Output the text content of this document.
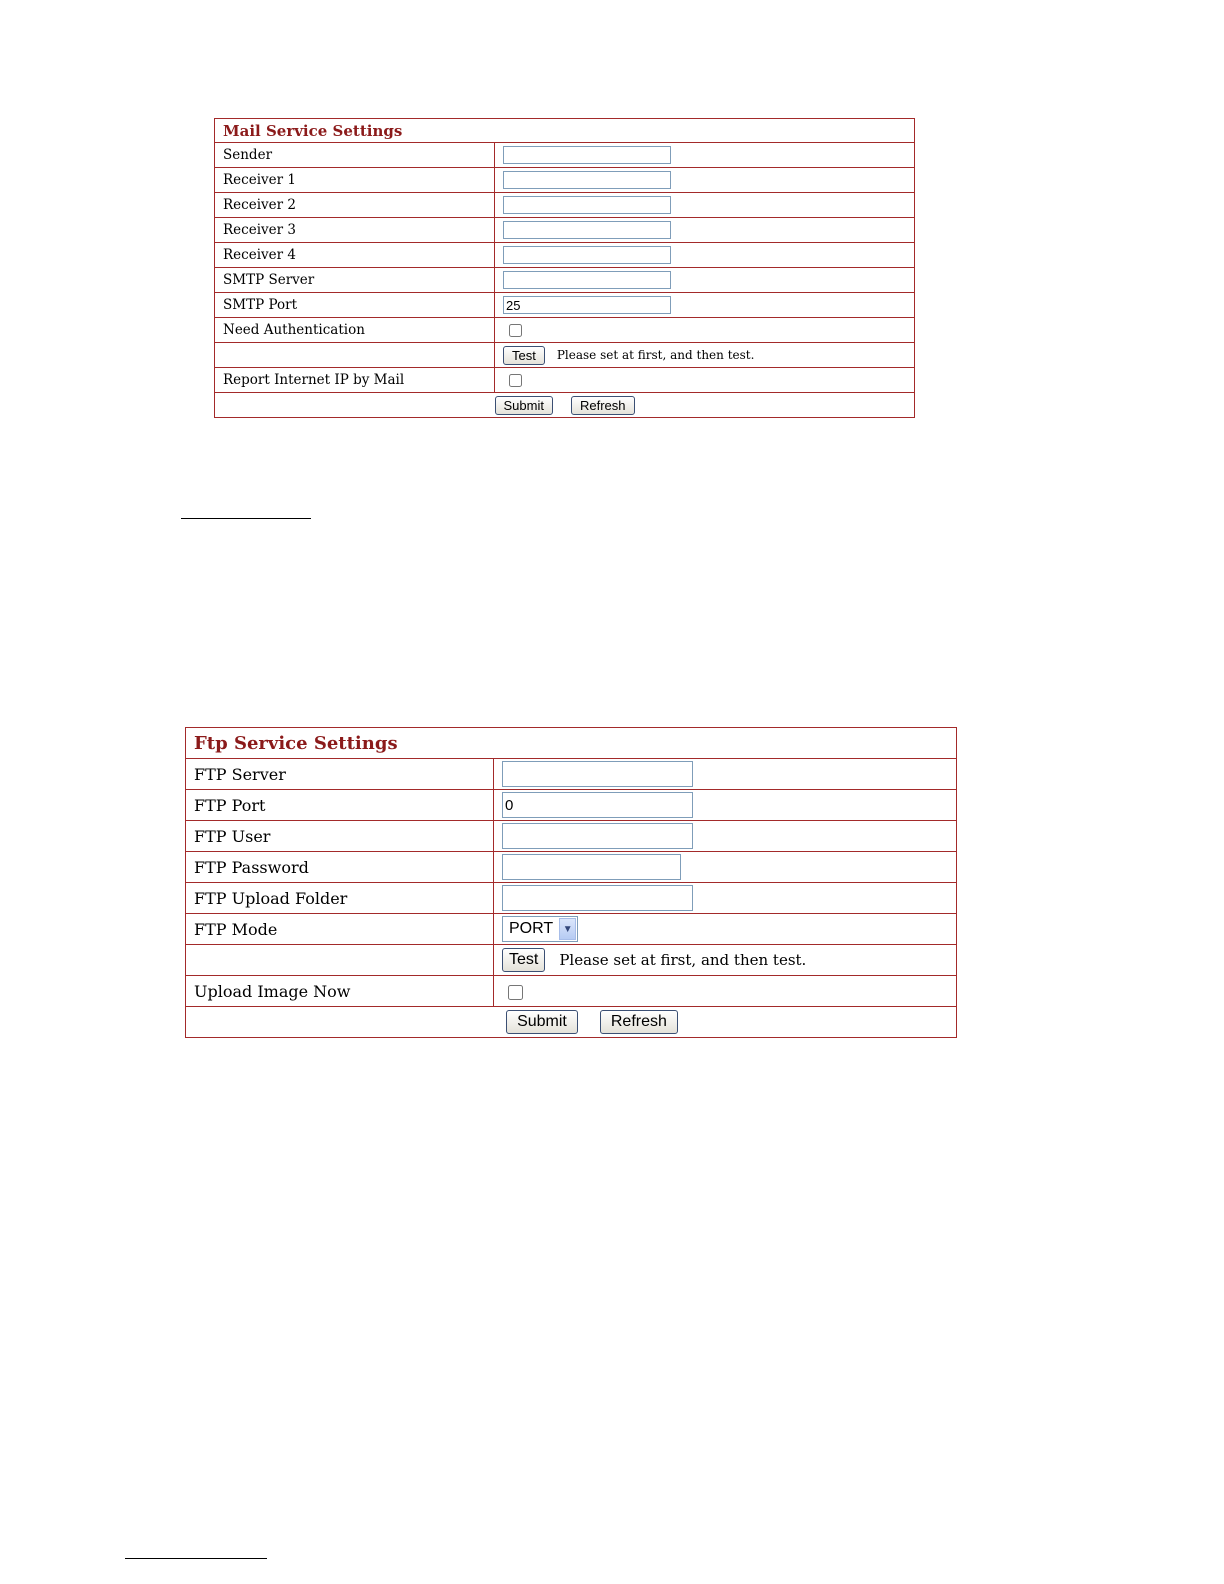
Mail Service Settings	
Sender	
Receiver 1	
Receiver 2	
Receiver 3	
Receiver 4	
SMTP Server	
SMTP Port	25
Need Authentication	
	Test Please set at first, and then test.
Report Internet IP by Mail	
Submit Refresh	
Ftp Service Settings	
FTP Server	
FTP Port	0
FTP User	
FTP Password	
FTP Upload Folder	
FTP Mode	PORT ▼

	Test Please set at first, and then test.
Upload Image Now	
Submit Refresh	
